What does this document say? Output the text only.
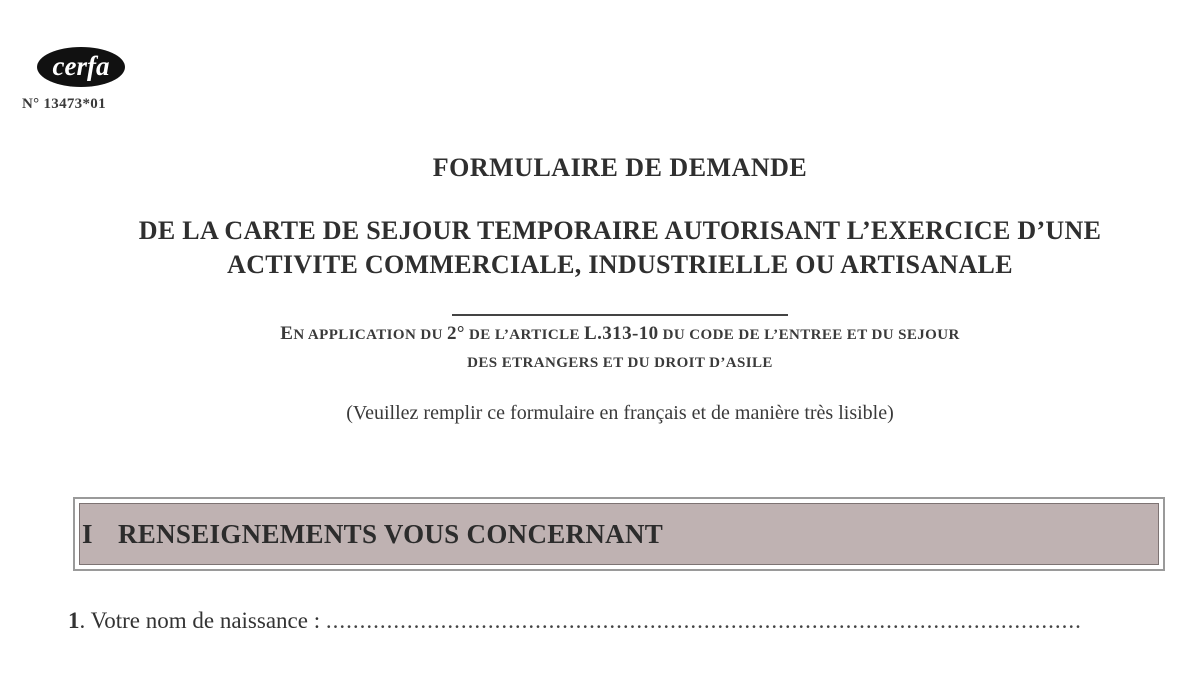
cerfa
N° 13473*01
FORMULAIRE DE DEMANDE
DE LA CARTE DE SEJOUR TEMPORAIRE AUTORISANT L’EXERCICE D’UNE
ACTIVITE COMMERCIALE, INDUSTRIELLE OU ARTISANALE
EN APPLICATION DU 2° DE L’ARTICLE L.313-10 DU CODE DE L’ENTREE ET DU SEJOUR
DES ETRANGERS ET DU DROIT D’ASILE
(Veuillez remplir ce formulaire en français et de manière très lisible)
I RENSEIGNEMENTS VOUS CONCERNANT
1. Votre nom de naissance : ................................................................................................................
